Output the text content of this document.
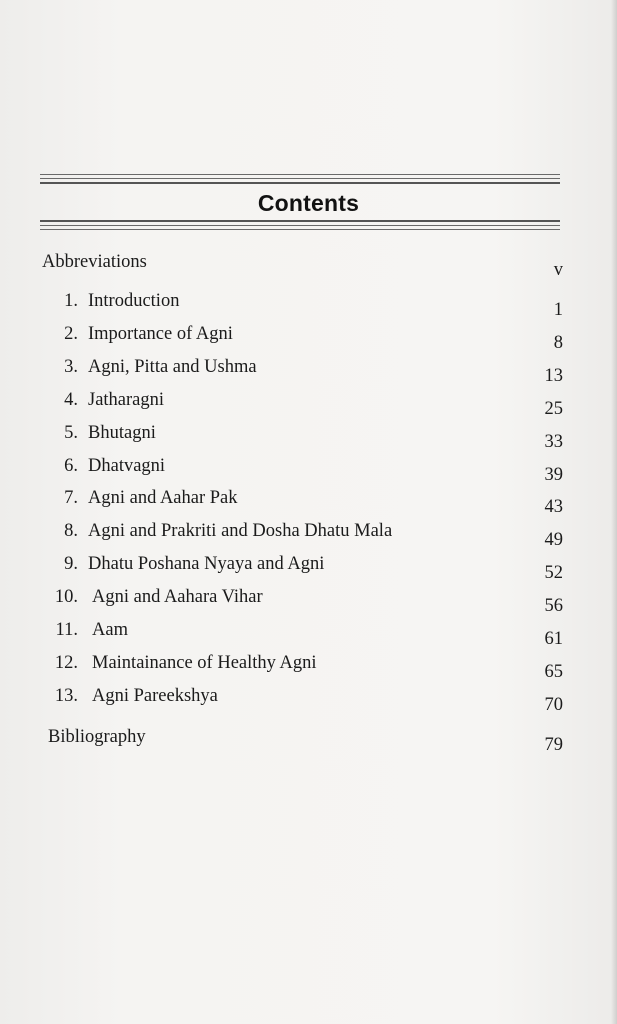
Contents
Abbreviations	v
1. Introduction	1
2. Importance of Agni	8
3. Agni, Pitta and Ushma	13
4. Jatharagni	25
5. Bhutagni	33
6. Dhatvagni	39
7. Agni and Aahar Pak	43
8. Agni and Prakriti and Dosha Dhatu Mala	49
9. Dhatu Poshana Nyaya and Agni	52
10. Agni and Aahara Vihar	56
11. Aam	61
12. Maintainance of Healthy Agni	65
13. Agni Pareekshya	70
Bibliography	79
